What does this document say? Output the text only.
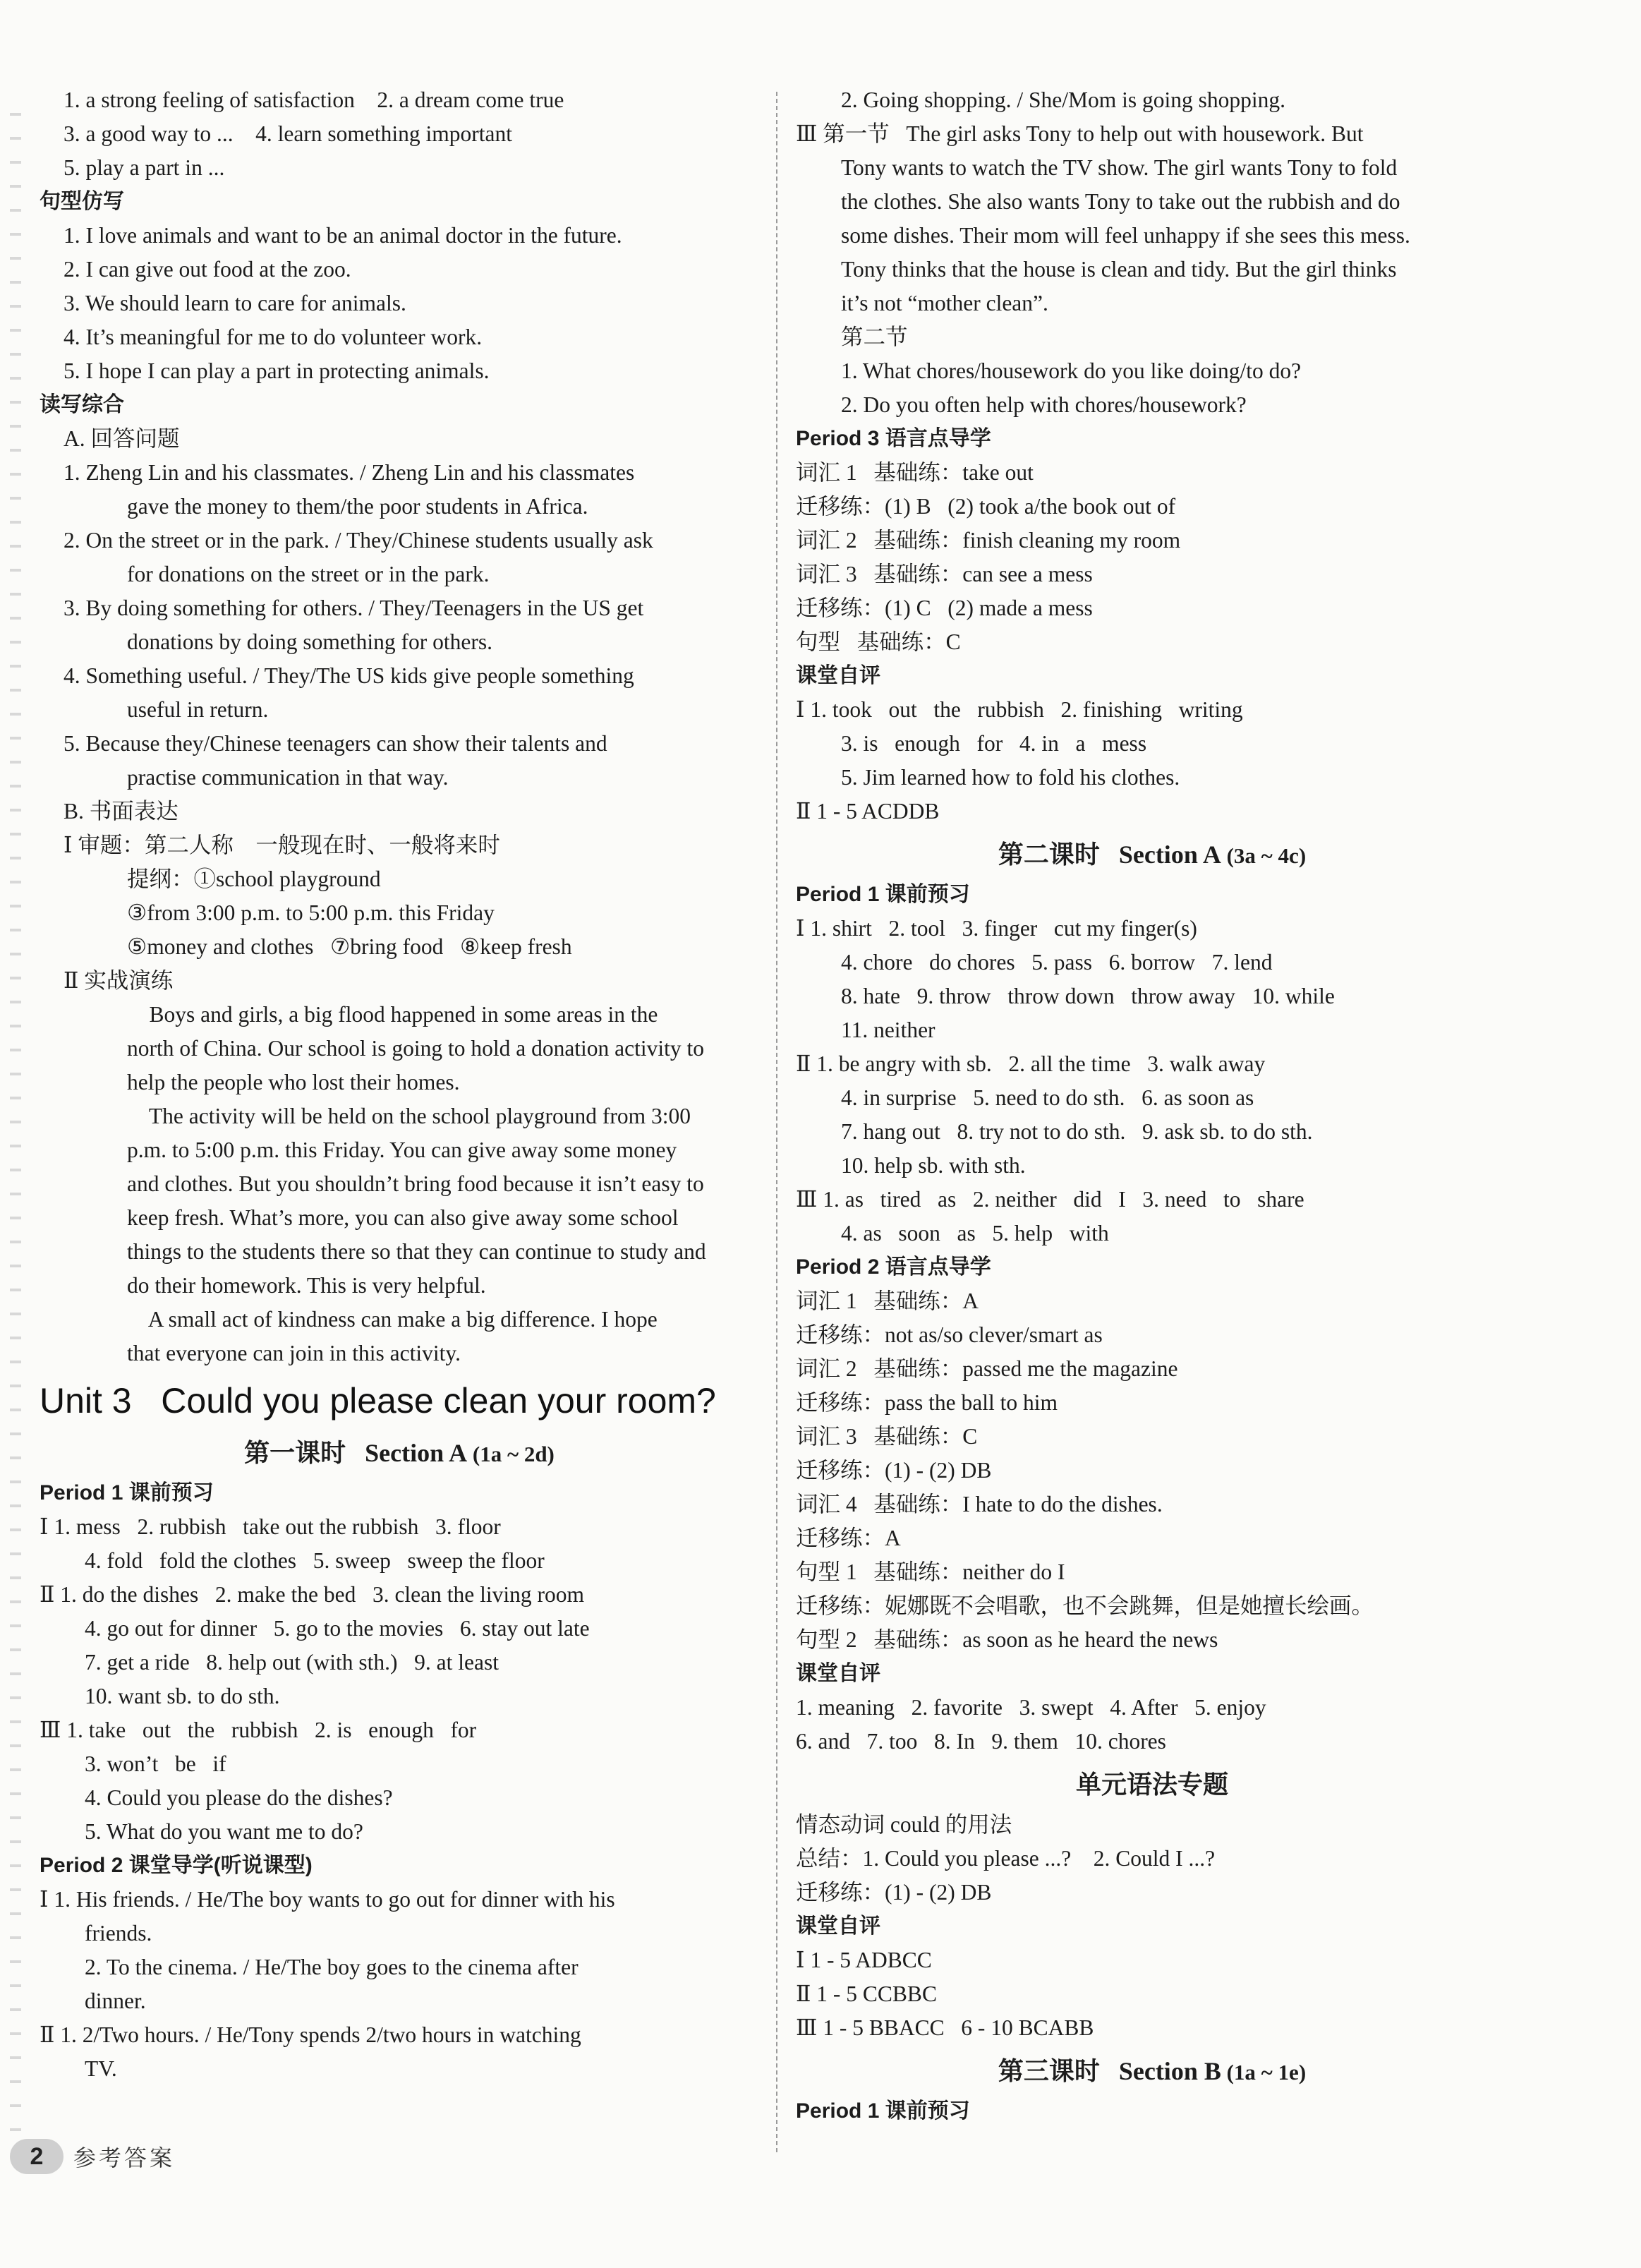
1. a strong feeling of satisfaction    2. a dream come true
3. a good way to ...    4. learn something important
5. play a part in ...
句型仿写
1. I love animals and want to be an animal doctor in the future.
2. I can give out food at the zoo.
3. We should learn to care for animals.
4. It’s meaningful for me to do volunteer work.
5. I hope I can play a part in protecting animals.
读写综合
A. 回答问题
1. Zheng Lin and his classmates. / Zheng Lin and his classmates
gave the money to them/the poor students in Africa.
2. On the street or in the park. / They/Chinese students usually ask
for donations on the street or in the park.
3. By doing something for others. / They/Teenagers in the US get
donations by doing something for others.
4. Something useful. / They/The US kids give people something
useful in return.
5. Because they/Chinese teenagers can show their talents and
practise communication in that way.
B. 书面表达
Ⅰ 审题：第二人称    一般现在时、一般将来时
提纲：①school playground
③from 3:00 p.m. to 5:00 p.m. this Friday
⑤money and clothes   ⑦bring food   ⑧keep fresh
Ⅱ 实战演练
Boys and girls, a big flood happened in some areas in the
north of China. Our school is going to hold a donation activity to
help the people who lost their homes.
The activity will be held on the school playground from 3:00
p.m. to 5:00 p.m. this Friday. You can give away some money
and clothes. But you shouldn’t bring food because it isn’t easy to
keep fresh. What’s more, you can also give away some school
things to the students there so that they can continue to study and
do their homework. This is very helpful.
A small act of kindness can make a big difference. I hope
that everyone can join in this activity.
Unit 3   Could you please clean your room?
第一课时   Section A (1a ~ 2d)
Period 1 课前预习
Ⅰ 1. mess   2. rubbish   take out the rubbish   3. floor
4. fold   fold the clothes   5. sweep   sweep the floor
Ⅱ 1. do the dishes   2. make the bed   3. clean the living room
4. go out for dinner   5. go to the movies   6. stay out late
7. get a ride   8. help out (with sth.)   9. at least
10. want sb. to do sth.
Ⅲ 1. take   out   the   rubbish   2. is   enough   for
3. won’t   be   if
4. Could you please do the dishes?
5. What do you want me to do?
Period 2 课堂导学(听说课型)
Ⅰ 1. His friends. / He/The boy wants to go out for dinner with his
friends.
2. To the cinema. / He/The boy goes to the cinema after
dinner.
Ⅱ 1. 2/Two hours. / He/Tony spends 2/two hours in watching
TV.
2. Going shopping. / She/Mom is going shopping.
Ⅲ 第一节   The girl asks Tony to help out with housework. But
Tony wants to watch the TV show. The girl wants Tony to fold
the clothes. She also wants Tony to take out the rubbish and do
some dishes. Their mom will feel unhappy if she sees this mess.
Tony thinks that the house is clean and tidy. But the girl thinks
it’s not “mother clean”.
第二节
1. What chores/housework do you like doing/to do?
2. Do you often help with chores/housework?
Period 3 语言点导学
词汇 1   基础练：take out
迁移练：(1) B   (2) took a/the book out of
词汇 2   基础练：finish cleaning my room
词汇 3   基础练：can see a mess
迁移练：(1) C   (2) made a mess
句型   基础练：C
课堂自评
Ⅰ 1. took   out   the   rubbish   2. finishing   writing
3. is   enough   for   4. in   a   mess
5. Jim learned how to fold his clothes.
Ⅱ 1 - 5 ACDDB
第二课时   Section A (3a ~ 4c)
Period 1 课前预习
Ⅰ 1. shirt   2. tool   3. finger   cut my finger(s)
4. chore   do chores   5. pass   6. borrow   7. lend
8. hate   9. throw   throw down   throw away   10. while
11. neither
Ⅱ 1. be angry with sb.   2. all the time   3. walk away
4. in surprise   5. need to do sth.   6. as soon as
7. hang out   8. try not to do sth.   9. ask sb. to do sth.
10. help sb. with sth.
Ⅲ 1. as   tired   as   2. neither   did   I   3. need   to   share
4. as   soon   as   5. help   with
Period 2 语言点导学
词汇 1   基础练：A
迁移练：not as/so clever/smart as
词汇 2   基础练：passed me the magazine
迁移练：pass the ball to him
词汇 3   基础练：C
迁移练：(1) - (2) DB
词汇 4   基础练：I hate to do the dishes.
迁移练：A
句型 1   基础练：neither do I
迁移练：妮娜既不会唱歌，也不会跳舞，但是她擅长绘画。
句型 2   基础练：as soon as he heard the news
课堂自评
1. meaning   2. favorite   3. swept   4. After   5. enjoy
6. and   7. too   8. In   9. them   10. chores
单元语法专题
情态动词 could 的用法
总结：1. Could you please ...?    2. Could I ...?
迁移练：(1) - (2) DB
课堂自评
Ⅰ 1 - 5 ADBCC
Ⅱ 1 - 5 CCBBC
Ⅲ 1 - 5 BBACC   6 - 10 BCABB
第三课时   Section B (1a ~ 1e)
Period 1 课前预习
2	参考答案
